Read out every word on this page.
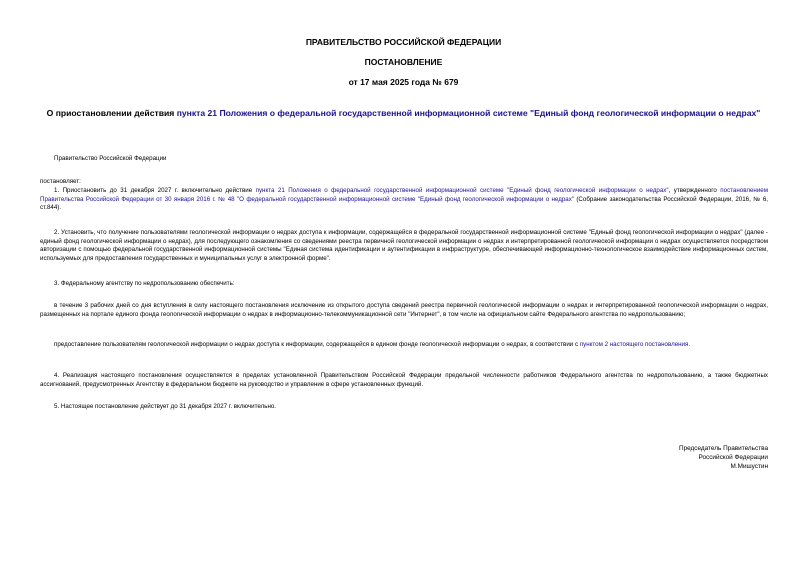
ПРАВИТЕЛЬСТВО РОССИЙСКОЙ ФЕДЕРАЦИИ
ПОСТАНОВЛЕНИЕ
от 17 мая 2025 года № 679
О приостановлении действия пункта 21 Положения о федеральной государственной информационной системе "Единый фонд геологической информации о недрах"
Правительство Российской Федерации
постановляет:
1. Приостановить до 31 декабря 2027 г. включительно действие пункта 21 Положения о федеральной государственной информационной системе "Единый фонд геологической информации о недрах", утвержденного постановлением Правительства Российской Федерации от 30 января 2016 г. № 48 "О федеральной государственной информационной системе "Единый фонд геологической информации о недрах" (Собрание законодательства Российской Федерации, 2016, № 6, ст.844).
2. Установить, что получение пользователями геологической информации о недрах доступа к информации, содержащейся в федеральной государственной информационной системе "Единый фонд геологической информации о недрах" (далее - единый фонд геологической информации о недрах), для последующего ознакомления со сведениями реестра первичной геологической информации о недрах и интерпретированной геологической информации о недрах осуществляется посредством авторизации с помощью федеральной государственной информационной системы "Единая система идентификации и аутентификации в инфраструктуре, обеспечивающей информационно-технологическое взаимодействие информационных систем, используемых для предоставления государственных и муниципальных услуг в электронной форме".
3. Федеральному агентству по недропользованию обеспечить:
в течение 3 рабочих дней со дня вступления в силу настоящего постановления исключение из открытого доступа сведений реестра первичной геологической информации о недрах и интерпретированной геологической информации о недрах, размещенных на портале единого фонда геологической информации о недрах в информационно-телекоммуникационной сети "Интернет", в том числе на официальном сайте Федерального агентства по недропользованию;
предоставление пользователям геологической информации о недрах доступа к информации, содержащейся в едином фонде геологической информации о недрах, в соответствии с пунктом 2 настоящего постановления.
4. Реализация настоящего постановления осуществляется в пределах установленной Правительством Российской Федерации предельной численности работников Федерального агентства по недропользованию, а также бюджетных ассигнований, предусмотренных Агентству в федеральном бюджете на руководство и управление в сфере установленных функций.
5. Настоящее постановление действует до 31 декабря 2027 г. включительно.
Председатель Правительства
Российской Федерации
М.Мишустин
